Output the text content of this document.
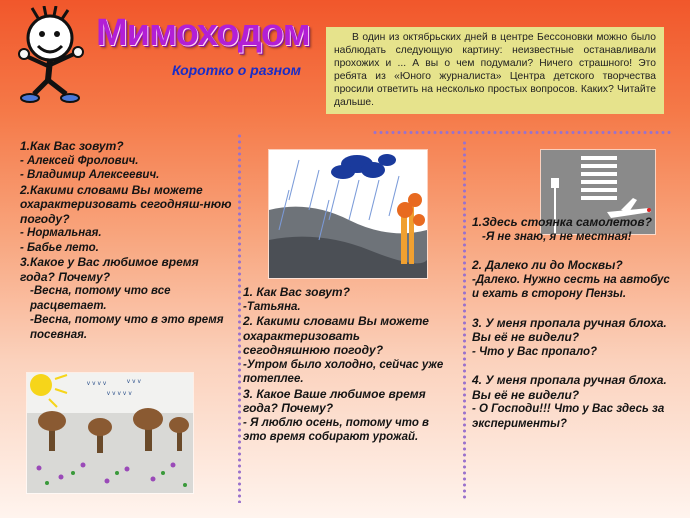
Мимоходом
Коротко о разном
В один из октябрьских дней в центре Бессоновки можно было наблюдать следующую картину: неизвестные останавливали прохожих и ... А вы о чем подумали? Ничего страшного! Это ребята из «Юного журналиста» Центра детского творчества просили ответить на несколько простых вопросов. Каких? Читайте дальше.
1.Как Вас зовут?
- Алексей Фролович.
- Владимир Алексеевич.
2.Какими словами Вы можете охарактеризовать сегодняш-нюю погоду?
- Нормальная.
- Бабье лето.
3.Какое у Вас любимое время года? Почему?
-Весна, потому что все расцветает.
-Весна, потому что в это время посевная.
ᵛ ᵛ ᵛ ᵛ
ᵛ ᵛ ᵛ ᵛ ᵛ
ᵛ ᵛ ᵛ
1. Как Вас зовут?
-Татьяна.
2. Какими словами Вы можете охарактеризовать сегодняшнюю погоду?
-Утром было холодно, сейчас уже потеплее.
3. Какое Ваше любимое время года? Почему?
- Я люблю осень, потому что в это время собирают урожай.
1.Здесь стоянка самолетов?
-Я не знаю, я не местная!
2. Далеко ли до Москвы?
-Далеко. Нужно сесть на автобус и ехать в сторону Пензы.
3. У меня пропала ручная блоха. Вы её не видели?
- Что у Вас пропало?
4. У меня пропала ручная блоха. Вы её не видели?
- О Господи!!! Что у Вас здесь за эксперименты?
